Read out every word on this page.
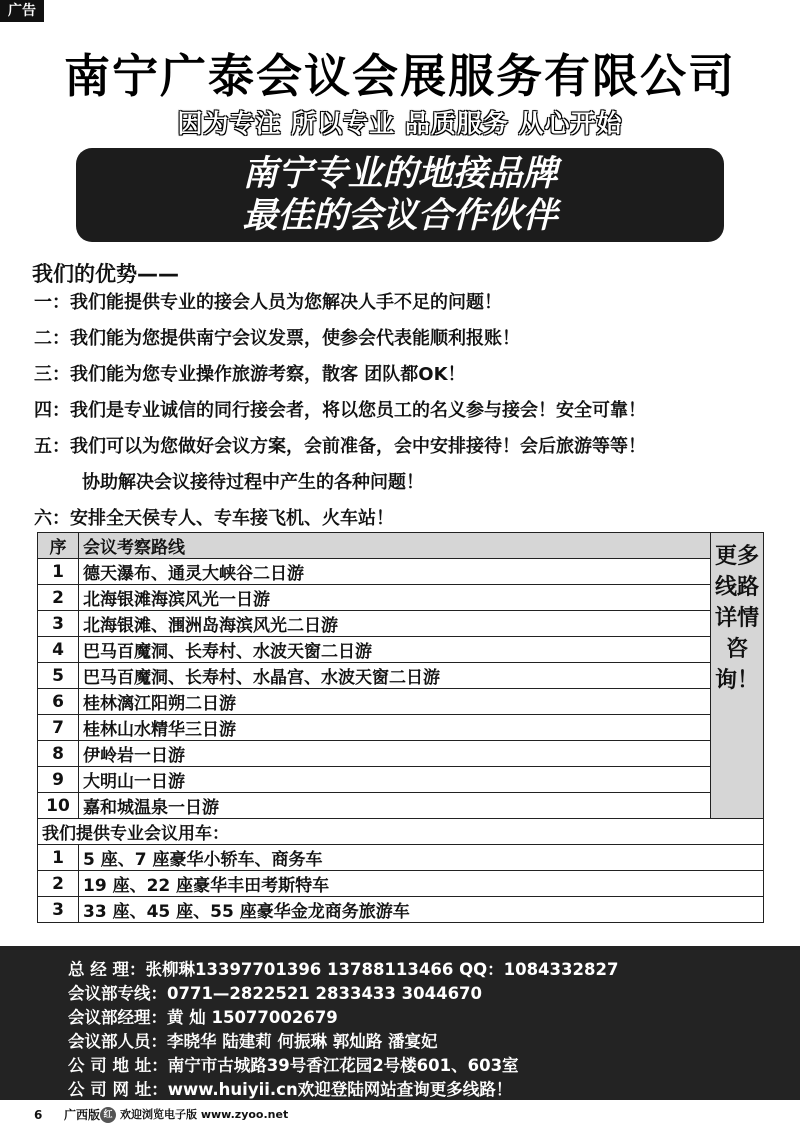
广告
南宁广泰会议会展服务有限公司
因为专注 所以专业 品质服务 从心开始
南宁专业的地接品牌
最佳的会议合作伙伴
我们的优势——
一：我们能提供专业的接会人员为您解决人手不足的问题！
二：我们能为您提供南宁会议发票，使参会代表能顺利报账！
三：我们能为您专业操作旅游考察，散客 团队都OK！
四：我们是专业诚信的同行接会者，将以您员工的名义参与接会！安全可靠！
五：我们可以为您做好会议方案，会前准备，会中安排接待！会后旅游等等！
协助解决会议接待过程中产生的各种问题！
六：安排全天侯专人、专车接飞机、火车站！
序	会议考察路线	更多线路详情咨询！
1	德天瀑布、通灵大峡谷二日游	
2	北海银滩海滨风光一日游	
3	北海银滩、涠洲岛海滨风光二日游	
4	巴马百魔洞、长寿村、水波天窗二日游	
5	巴马百魔洞、长寿村、水晶宫、水波天窗二日游	
6	桂林漓江阳朔二日游	
7	桂林山水精华三日游	
8	伊岭岩一日游	
9	大明山一日游	
10	嘉和城温泉一日游	
我们提供专业会议用车：		
1	5 座、7 座豪华小轿车、商务车	
2	19 座、22 座豪华丰田考斯特车	
3	33 座、45 座、55 座豪华金龙商务旅游车	
总 经 理：张柳琳13397701396 13788113466 QQ：1084332827
会议部专线：0771—2822521 2833433 3044670
会议部经理：黄 灿 15077002679
会议部人员：李晓华 陆建莉 何振琳 郭灿路 潘宴妃
公 司 地 址：南宁市古城路39号香江花园2号楼601、603室
公 司 网 址：www.huiyii.cn欢迎登陆网站查询更多线路！
6 广西版 红 欢迎浏览电子版 www.zyoo.net
